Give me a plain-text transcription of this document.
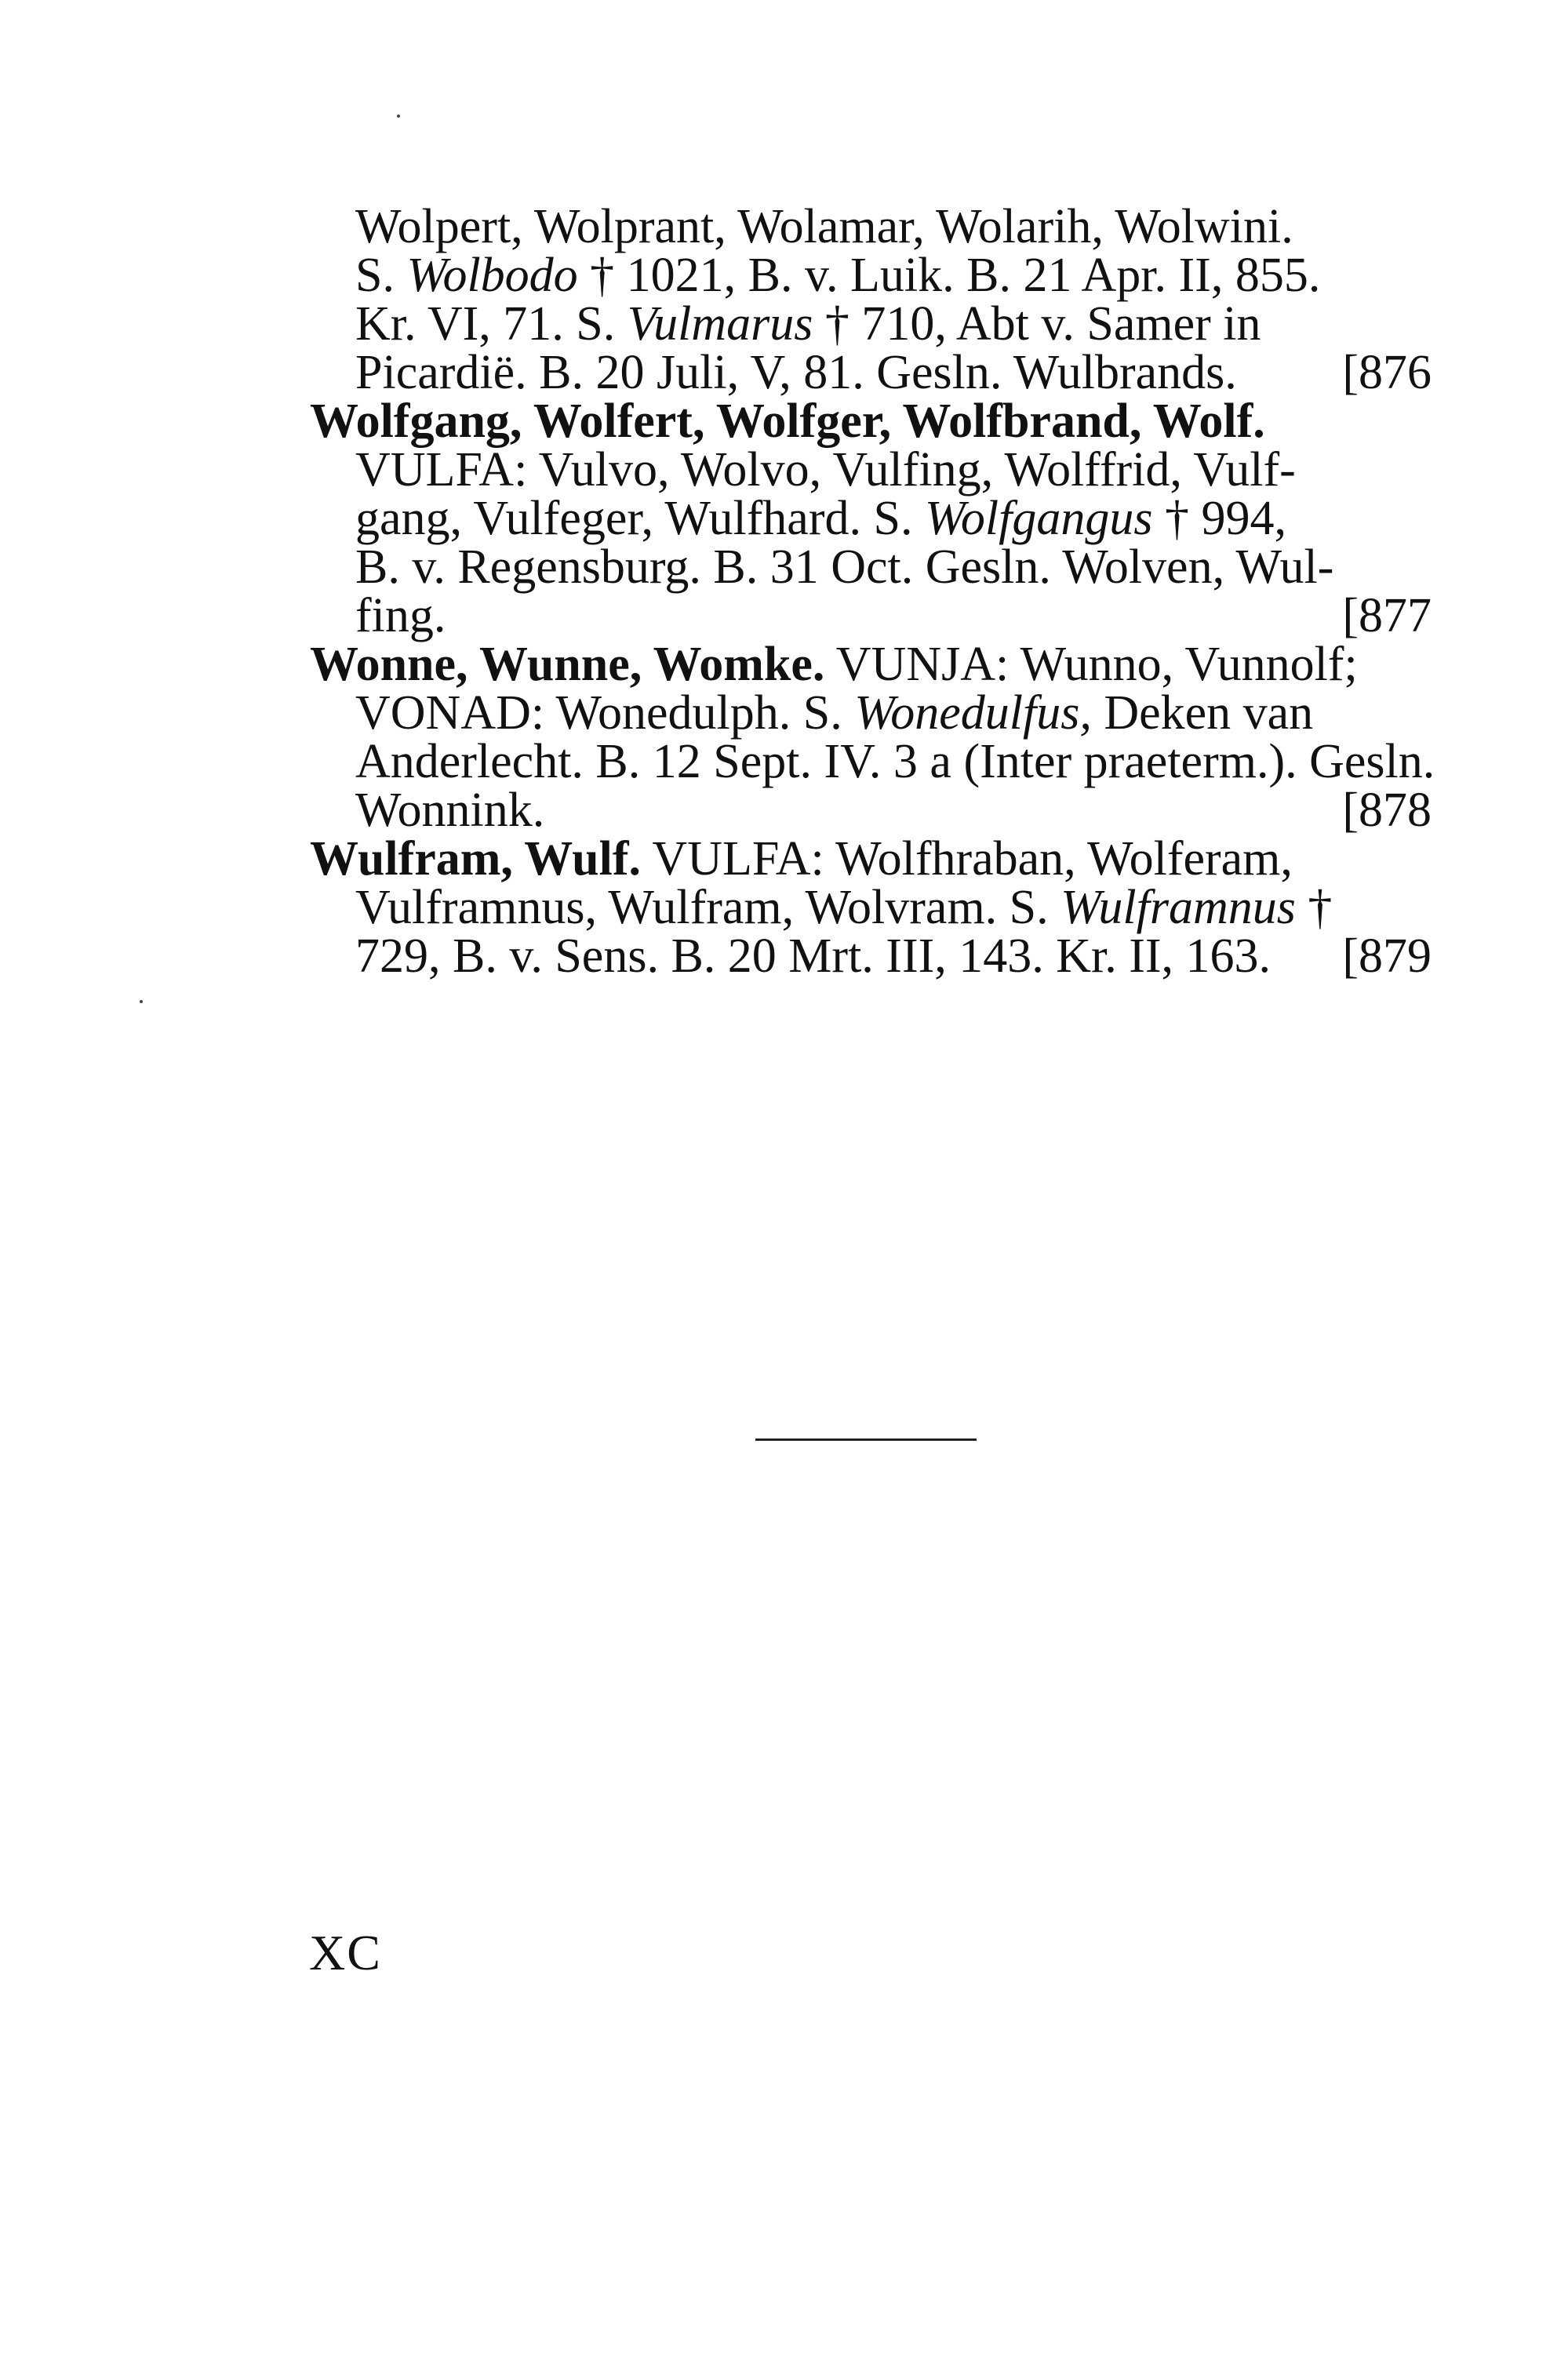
Wolpert, Wolprant, Wolamar, Wolarih, Wolwini.
S. Wolbodo † 1021, B. v. Luik. B. 21 Apr. II, 855.
Kr. VI, 71. S. Vulmarus † 710, Abt v. Samer in
Picardië. B. 20 Juli, V, 81. Gesln. Wulbrands. [876
Wolfgang, Wolfert, Wolfger, Wolfbrand, Wolf.
VULFA: Vulvo, Wolvo, Vulfing, Wolffrid, Vulf-
gang, Vulfeger, Wulfhard. S. Wolfgangus † 994,
B. v. Regensburg. B. 31 Oct. Gesln. Wolven, Wul-
fing.	[877
Wonne, Wunne, Womke. VUNJA: Wunno, Vunnolf;
VONAD: Wonedulph. S. Wonedulfus, Deken van
Anderlecht. B. 12 Sept. IV. 3 a (Inter praeterm.). Gesln.
Wonnink.	[878
Wulfram, Wulf. VULFA: Wolfhraban, Wolferam,
Vulframnus, Wulfram, Wolvram. S. Wulframnus †
729, B. v. Sens. B. 20 Mrt. III, 143. Kr. II, 163. [879
XC
